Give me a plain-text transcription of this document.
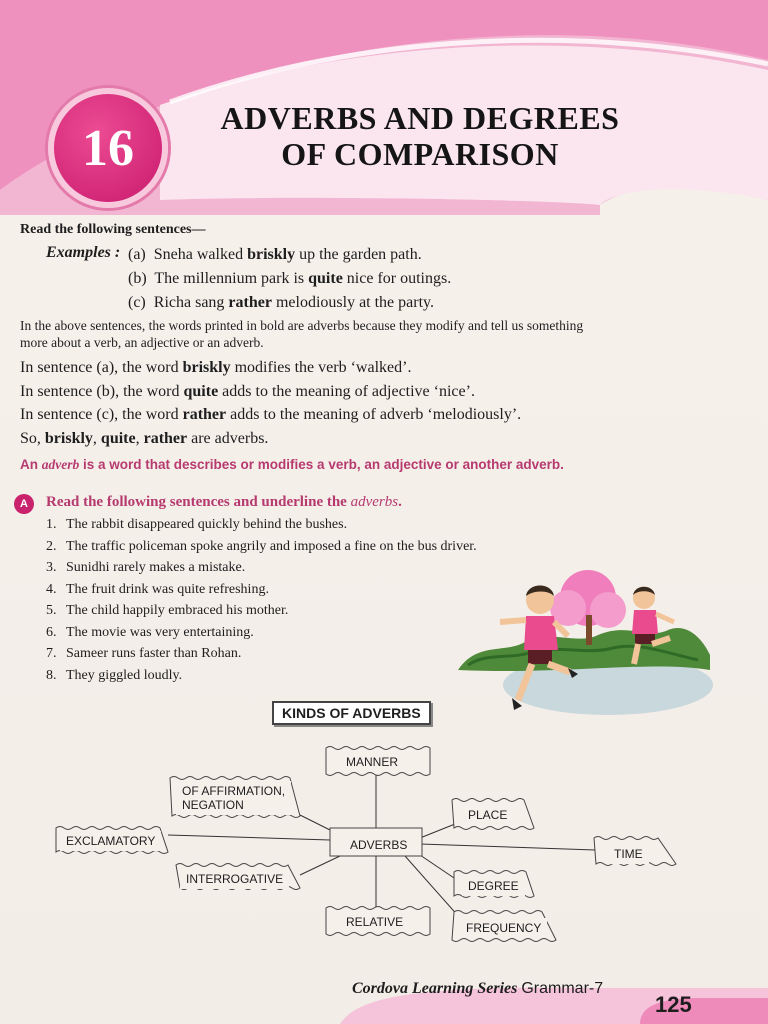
16
ADVERBS AND DEGREES
OF COMPARISON
Read the following sentences—
Examples : (a) Sneha walked briskly up the garden path.
(b) The millennium park is quite nice for outings.
(c) Richa sang rather melodiously at the party.
In the above sentences, the words printed in bold are adverbs because they modify and tell us something
more about a verb, an adjective or an adverb.
In sentence (a), the word briskly modifies the verb ‘walked’.
In sentence (b), the word quite adds to the meaning of adjective ‘nice’.
In sentence (c), the word rather adds to the meaning of adverb ‘melodiously’.
So, briskly, quite, rather are adverbs.
An adverb is a word that describes or modifies a verb, an adjective or another adverb.
A	Read the following sentences and underline the adverbs.
1. The rabbit disappeared quickly behind the bushes.
2. The traffic policeman spoke angrily and imposed a fine on the bus driver.
3. Sunidhi rarely makes a mistake.
4. The fruit drink was quite refreshing.
5. The child happily embraced his mother.
6. The movie was very entertaining.
7. Sameer runs faster than Rohan.
8. They giggled loudly.
KINDS OF ADVERBS
MANNER
OF AFFIRMATION,
NEGATION
PLACE
EXCLAMATORY	ADVERBS
TIME
INTERROGATIVE	DEGREE
RELATIVE	FREQUENCY
Cordova Learning Series Grammar-7
125
